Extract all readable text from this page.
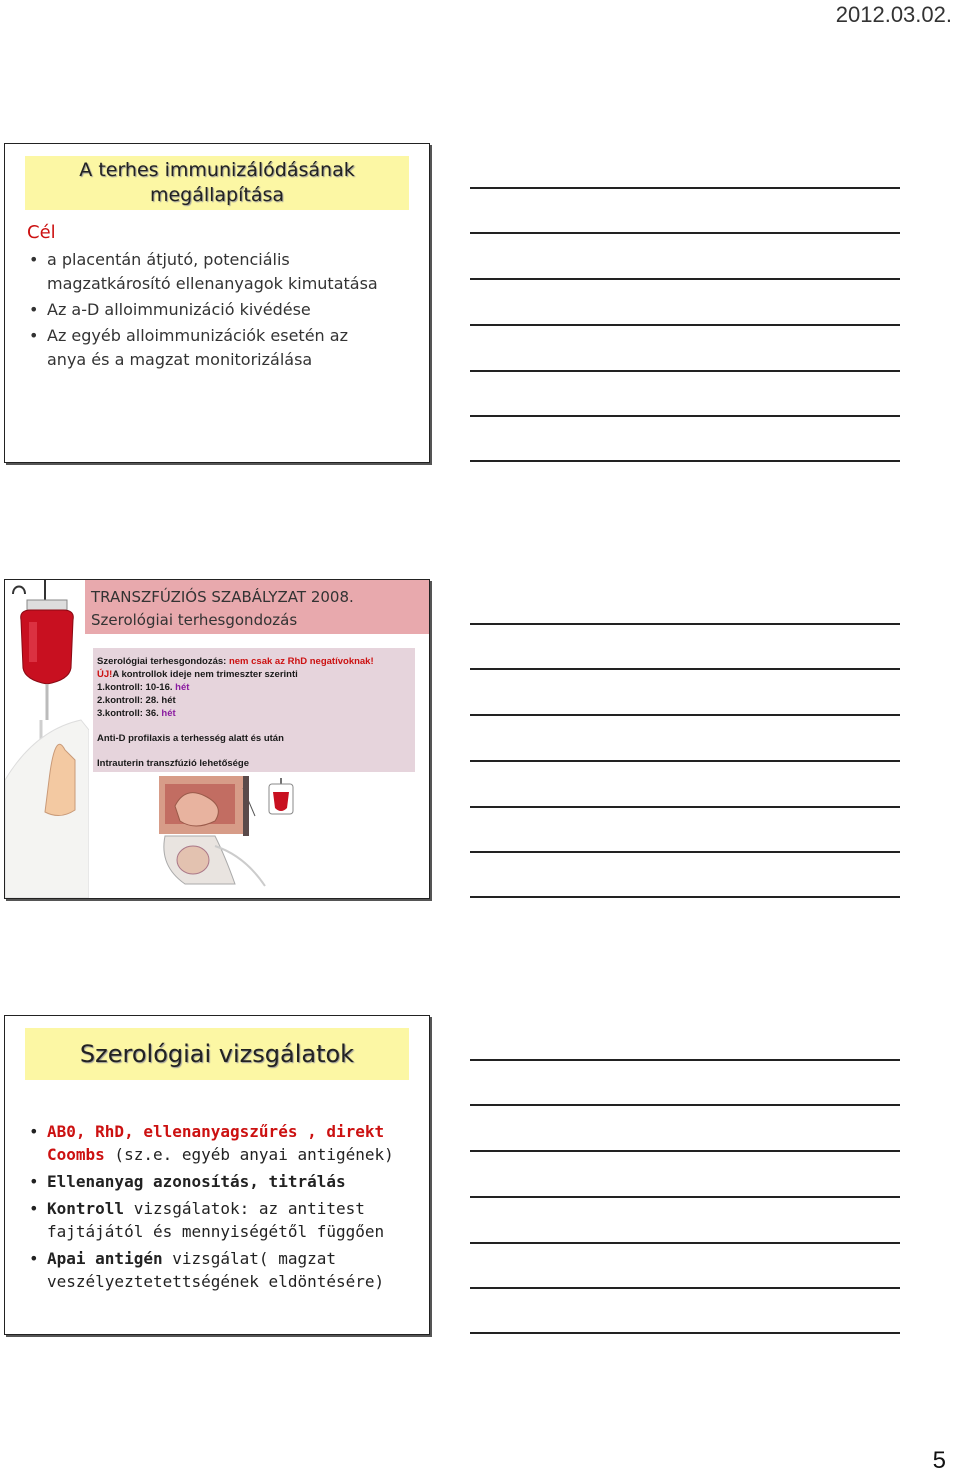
2012.03.02.
A terhes immunizálódásának
megállapítása
Cél
• a placentán átjutó, potenciális
magzatkárosító ellenanyagok kimutatása
• Az a-D alloimmunizáció kivédése
• Az egyéb alloimmunizációk esetén az
anya és a magzat monitorizálása
TRANSZFÚZIÓS SZABÁLYZAT 2008.
Szerológiai terhesgondozás
Szerológiai terhesgondozás: nem csak az RhD negatívoknak!
ÚJ!A kontrollok ideje nem trimeszter szerinti
1.kontroll: 10-16. hét
2.kontroll: 28. hét
3.kontroll: 36. hét
Anti-D profilaxis a terhesség alatt és után
Intrauterin transzfúzió lehetősége
Szerológiai vizsgálatok
• AB0, RhD, ellenanyagszűrés , direkt
Coombs (sz.e. egyéb anyai antigének)
• Ellenanyag azonosítás, titrálás
• Kontroll vizsgálatok: az antitest
fajtájától és mennyiségétől függően
• Apai antigén vizsgálat( magzat
veszélyeztetettségének eldöntésére)
5
